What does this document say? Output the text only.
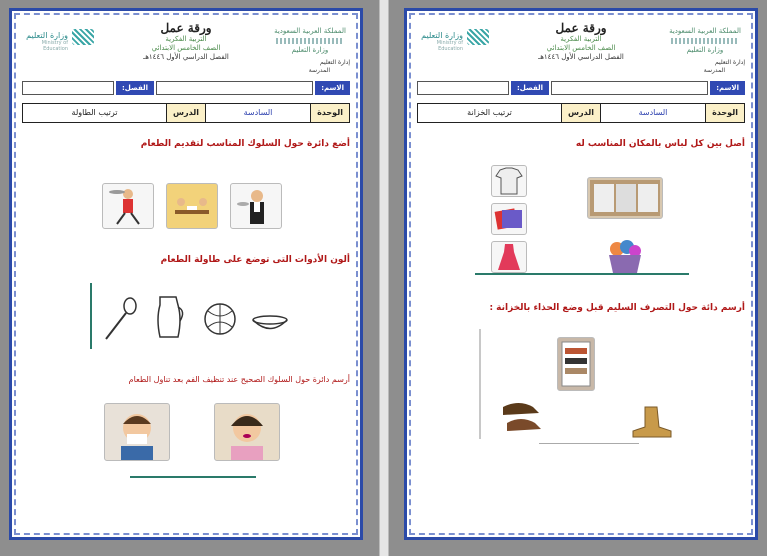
المملكة العربية السعودية
وزارة التعليم
ورقة عمل
التربية الفكرية
الصف الخامس الابتدائي
الفصل الدراسي الأول ١٤٤٦هـ
وزارة التعليم
Ministry of Education
إدارة التعليم
المدرسة
الاسم:
الفصل:
الوحدة
السادسة
الدرس
ترتيب الطاولة
أضع دائرة حول السلوك المناسب لتقديم الطعام
ألون الأدوات التى توضع على طاولة الطعام
أرسم دائرة حول السلوك الصحيح عند تنظيف الفم بعد تناول الطعام
المملكة العربية السعودية
وزارة التعليم
ورقة عمل
التربية الفكرية
الصف الخامس الابتدائي
الفصل الدراسي الأول ١٤٤٦هـ
وزارة التعليم
Ministry of Education
إدارة التعليم
المدرسة
الاسم:
الفصل:
الوحدة
السادسة
الدرس
ترتيب الخزانة
أصل بين كل لباس بالمكان المناسب له
أرسم دائة حول التصرف السليم قبل وضع الحذاء بالخزانة :
